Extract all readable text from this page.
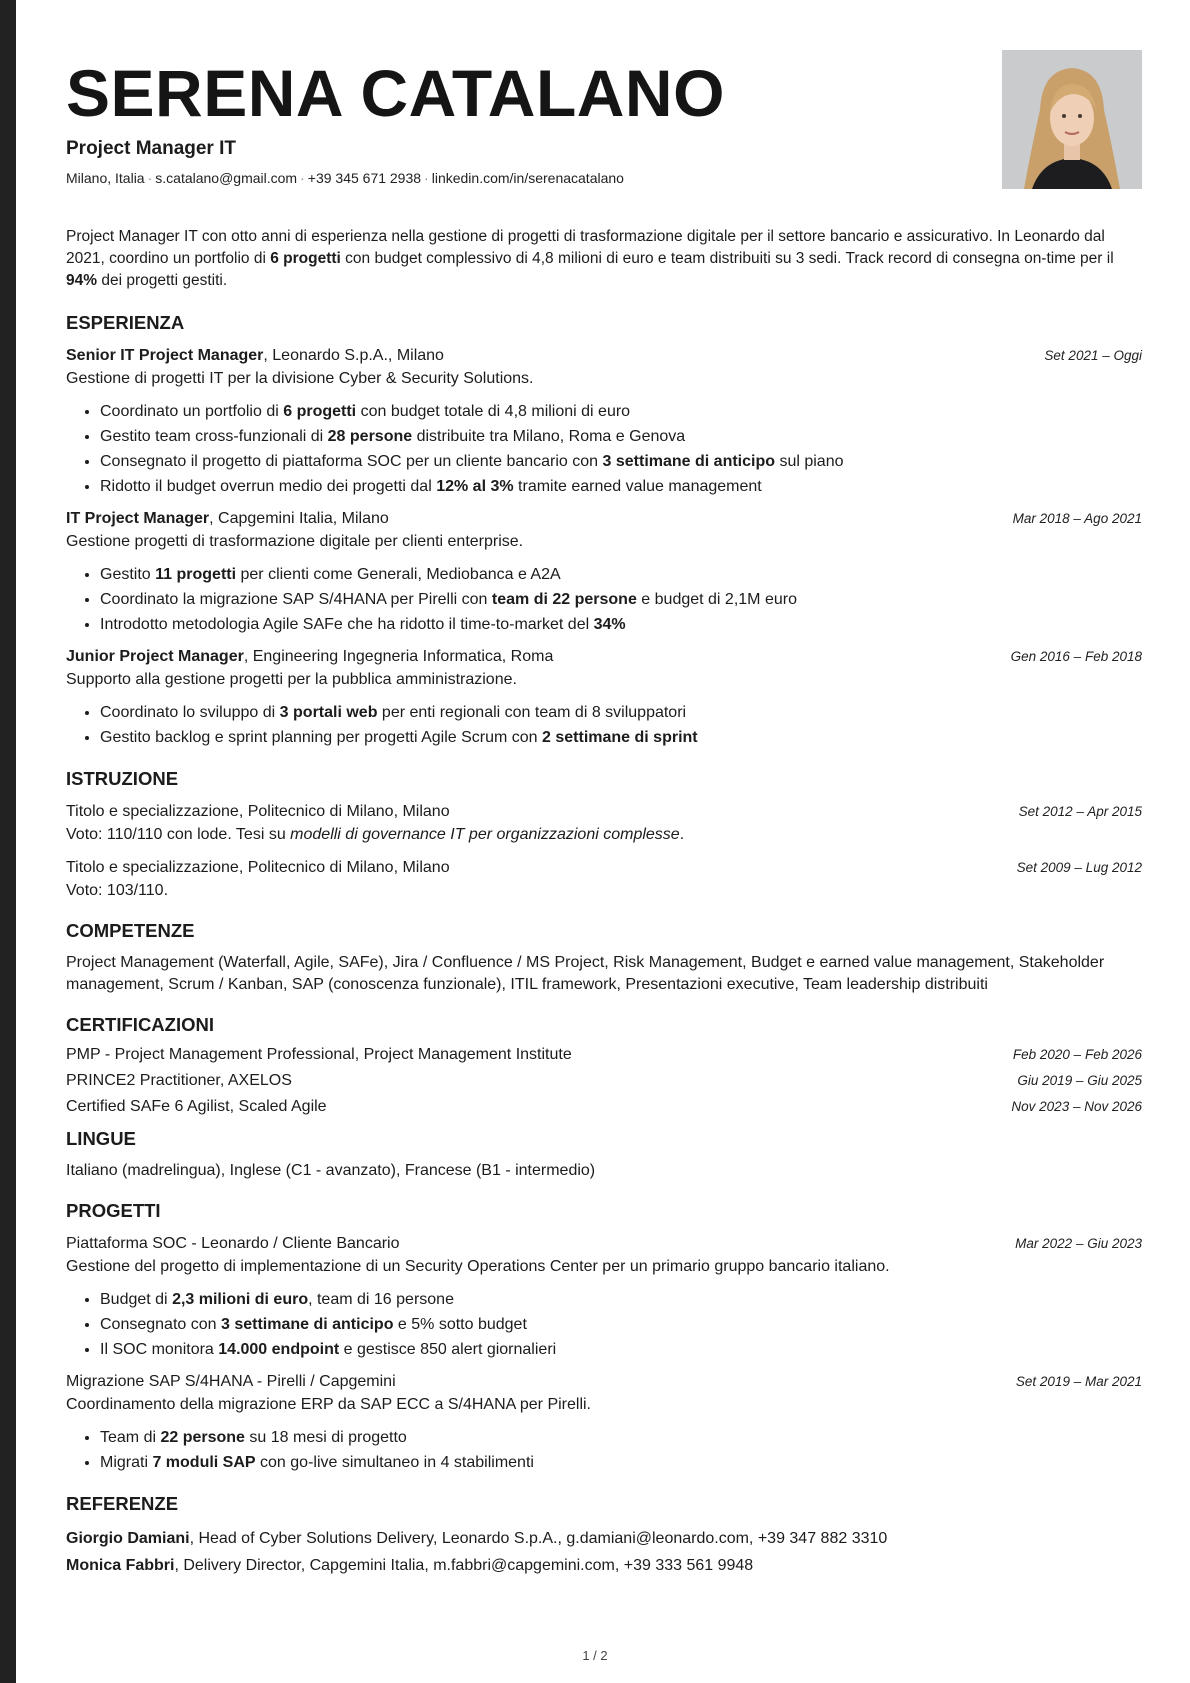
SERENA CATALANO
Project Manager IT
Milano, Italia · s.catalano@gmail.com · +39 345 671 2938 · linkedin.com/in/serenacatalano
Project Manager IT con otto anni di esperienza nella gestione di progetti di trasformazione digitale per il settore bancario e assicurativo. In Leonardo dal 2021, coordino un portfolio di 6 progetti con budget complessivo di 4,8 milioni di euro e team distribuiti su 3 sedi. Track record di consegna on-time per il 94% dei progetti gestiti.
ESPERIENZA
Senior IT Project Manager, Leonardo S.p.A., Milano	Set 2021 – Oggi
Gestione di progetti IT per la divisione Cyber & Security Solutions.
• Coordinato un portfolio di 6 progetti con budget totale di 4,8 milioni di euro
• Gestito team cross-funzionali di 28 persone distribuite tra Milano, Roma e Genova
• Consegnato il progetto di piattaforma SOC per un cliente bancario con 3 settimane di anticipo sul piano
• Ridotto il budget overrun medio dei progetti dal 12% al 3% tramite earned value management
IT Project Manager, Capgemini Italia, Milano	Mar 2018 – Ago 2021
Gestione progetti di trasformazione digitale per clienti enterprise.
• Gestito 11 progetti per clienti come Generali, Mediobanca e A2A
• Coordinato la migrazione SAP S/4HANA per Pirelli con team di 22 persone e budget di 2,1M euro
• Introdotto metodologia Agile SAFe che ha ridotto il time-to-market del 34%
Junior Project Manager, Engineering Ingegneria Informatica, Roma	Gen 2016 – Feb 2018
Supporto alla gestione progetti per la pubblica amministrazione.
• Coordinato lo sviluppo di 3 portali web per enti regionali con team di 8 sviluppatori
• Gestito backlog e sprint planning per progetti Agile Scrum con 2 settimane di sprint
ISTRUZIONE
Titolo e specializzazione, Politecnico di Milano, Milano	Set 2012 – Apr 2015
Voto: 110/110 con lode. Tesi su modelli di governance IT per organizzazioni complesse.
Titolo e specializzazione, Politecnico di Milano, Milano	Set 2009 – Lug 2012
Voto: 103/110.
COMPETENZE
Project Management (Waterfall, Agile, SAFe), Jira / Confluence / MS Project, Risk Management, Budget e earned value management, Stakeholder management, Scrum / Kanban, SAP (conoscenza funzionale), ITIL framework, Presentazioni executive, Team leadership distribuiti
CERTIFICAZIONI
PMP - Project Management Professional, Project Management Institute	Feb 2020 – Feb 2026
PRINCE2 Practitioner, AXELOS	Giu 2019 – Giu 2025
Certified SAFe 6 Agilist, Scaled Agile	Nov 2023 – Nov 2026
LINGUE
Italiano (madrelingua), Inglese (C1 - avanzato), Francese (B1 - intermedio)
PROGETTI
Piattaforma SOC - Leonardo / Cliente Bancario	Mar 2022 – Giu 2023
Gestione del progetto di implementazione di un Security Operations Center per un primario gruppo bancario italiano.
• Budget di 2,3 milioni di euro, team di 16 persone
• Consegnato con 3 settimane di anticipo e 5% sotto budget
• Il SOC monitora 14.000 endpoint e gestisce 850 alert giornalieri
Migrazione SAP S/4HANA - Pirelli / Capgemini	Set 2019 – Mar 2021
Coordinamento della migrazione ERP da SAP ECC a S/4HANA per Pirelli.
• Team di 22 persone su 18 mesi di progetto
• Migrati 7 moduli SAP con go-live simultaneo in 4 stabilimenti
REFERENZE
Giorgio Damiani, Head of Cyber Solutions Delivery, Leonardo S.p.A., g.damiani@leonardo.com, +39 347 882 3310
Monica Fabbri, Delivery Director, Capgemini Italia, m.fabbri@capgemini.com, +39 333 561 9948
1 / 2
